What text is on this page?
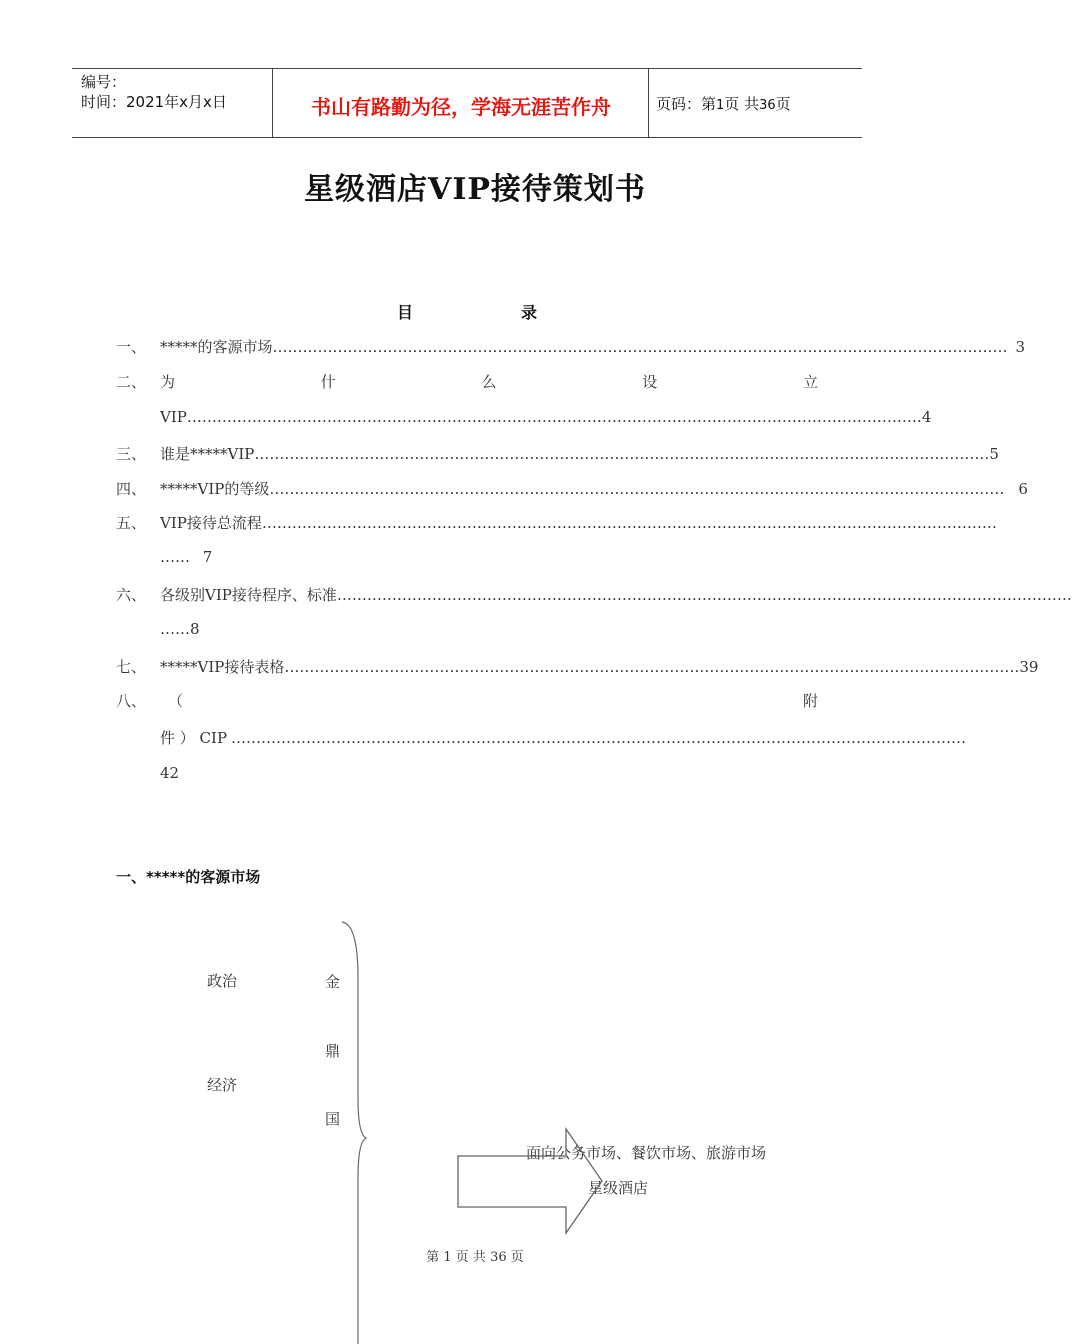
编号：
时间：2021年x月x日	书山有路勤为径，学海无涯苦作舟	页码：第1页 共36页
星级酒店VIP接待策划书
目	录
一、 *****的客源市场 ………………………………………………………………………………………………………………………………… 3
二、 为	什	么	设	立
VIP ………………………………………………………………………………………………………………………………… 4
三、 谁是*****VIP ………………………………………………………………………………………………………………………………… 5
四、 *****VIP的等级 ………………………………………………………………………………………………………………………………… 6
五、 VIP接待总流程 …………………………………………………………………………………………………………………………………
…… 7
六、 各级别VIP接待程序、标准 …………………………………………………………………………………………………………………………………
……8
七、 *****VIP接待表格 ………………………………………………………………………………………………………………………………… 39
八、 （	附
件 ） CIP …………………………………………………………………………………………………………………………………
42
一、*****的客源市场
政治
经济
金
鼎
国
面向公务市场、餐饮市场、旅游市场
星级酒店
第 1 页 共 36 页
